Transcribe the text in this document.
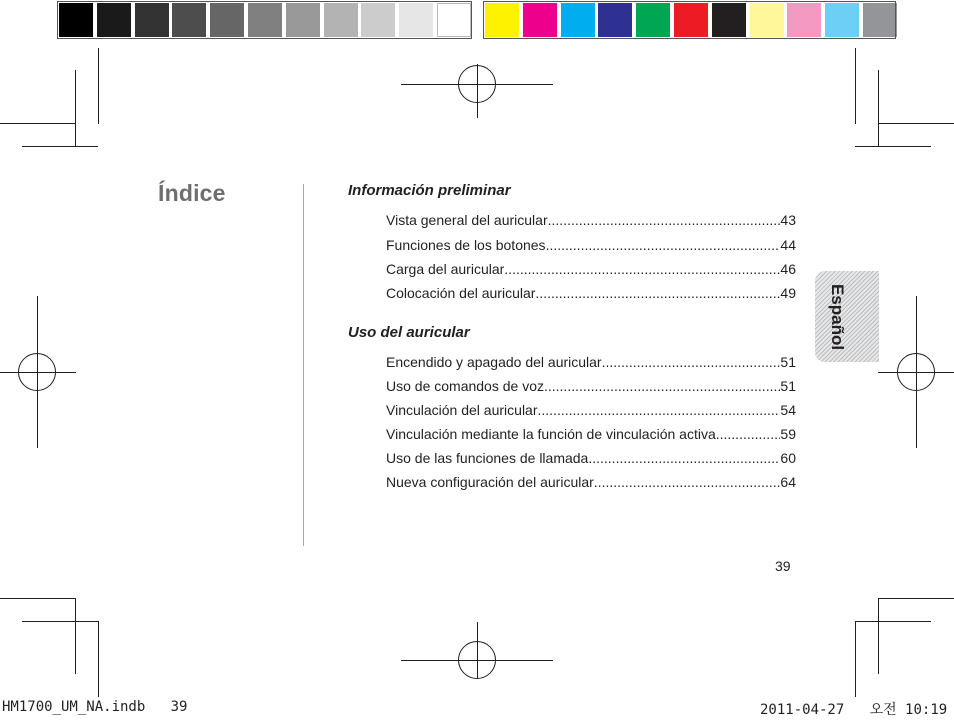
Índice	Información preliminar
Vista general del auricular .....	43
Funciones de los botones .....	44
Carga del auricular .....	46
Colocación del auricular .....	49
Uso del auricular
Encendido y apagado del auricular .....	51
Uso de comandos de voz .....	51
Vinculación del auricular .....	54
Vinculación mediante la función de vinculación activa .....	59
Uso de las funciones de llamada .....	60
Nueva configuración del auricular .....	64
Español
39
HM1700_UM_NA.indb   39	2011-04-27   오전 10:19
